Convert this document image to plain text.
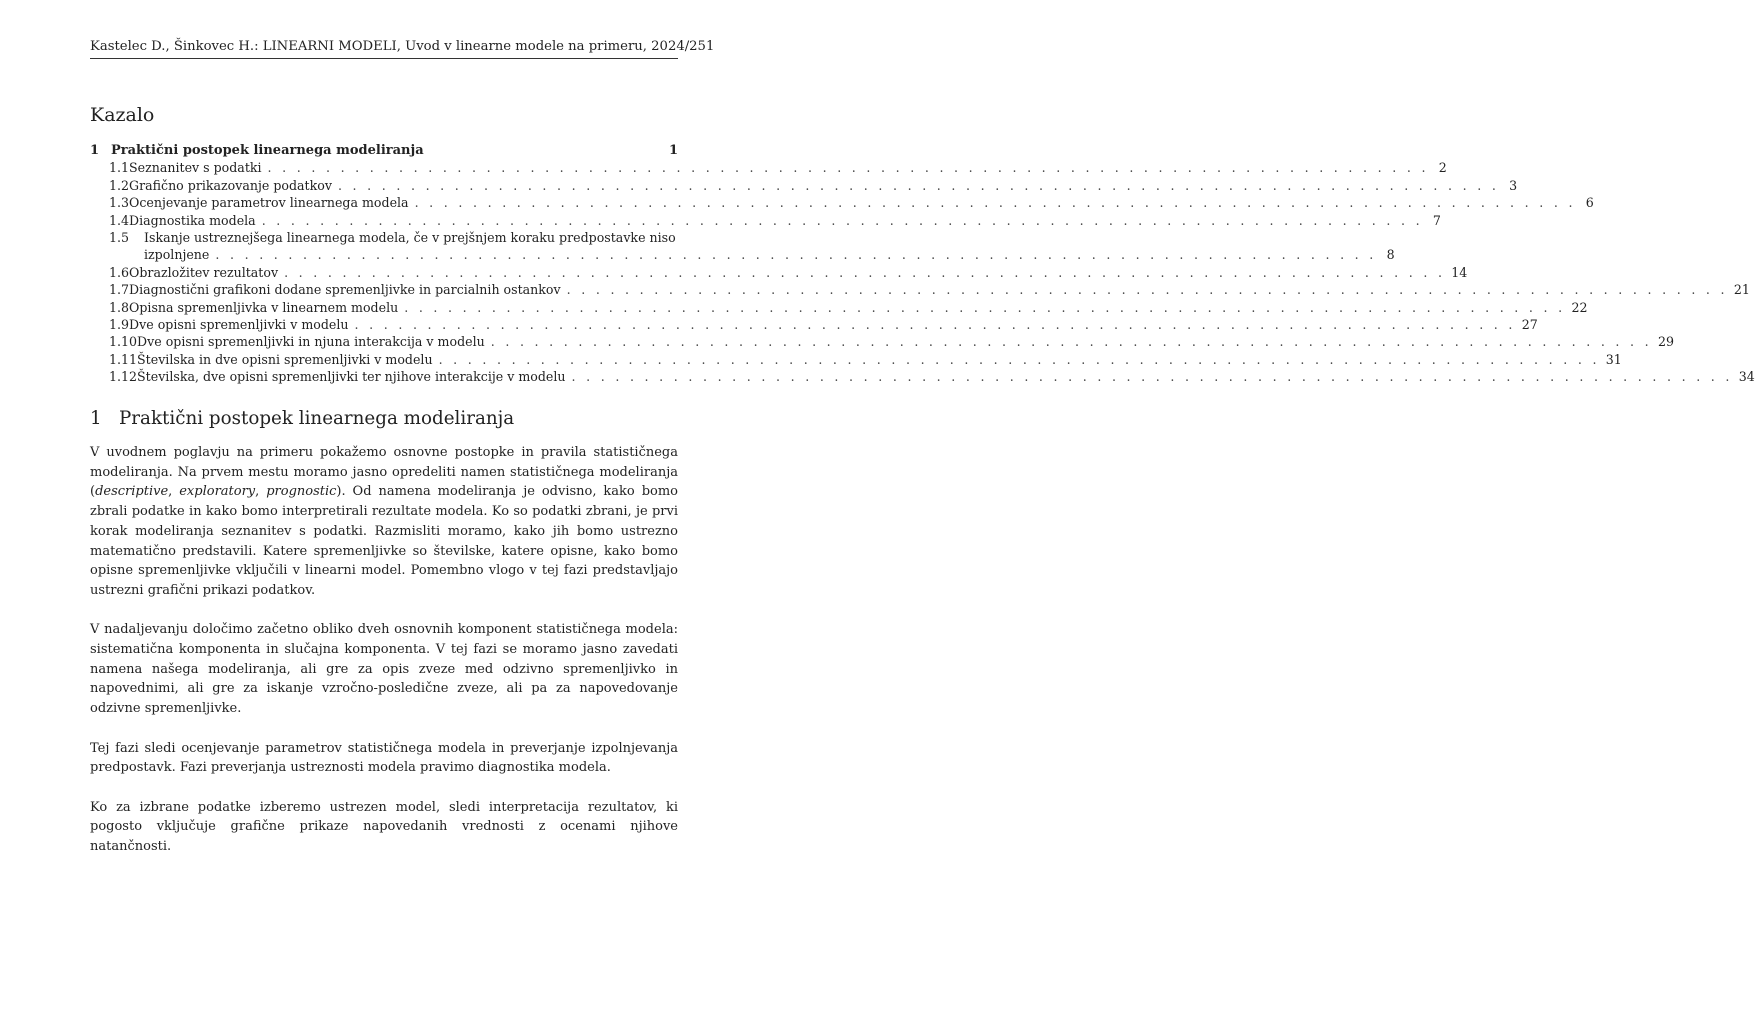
Kastelec D., Šinkovec H.: LINEARNI MODELI, Uvod v linearne modele na primeru, 2024/25 1
Kazalo
1 Praktični postopek linearnega modeliranja	1
1.1 Seznanitev s podatki . . . . . . . . . . . . . . . . . . . . . . . . . . . . . . . . . . . . . . . . . . . . . . . . . . . . . . . . . . . . . . . . . . . . . . . . . . . . . . . . 2
1.2 Grafično prikazovanje podatkov . . . . . . . . . . . . . . . . . . . . . . . . . . . . . . . . . . . . . . . . . . . . . . . . . . . . . . . . . . . . . . . . . . . . . . . . . . . . . . . . 3
1.3 Ocenjevanje parametrov linearnega modela . . . . . . . . . . . . . . . . . . . . . . . . . . . . . . . . . . . . . . . . . . . . . . . . . . . . . . . . . . . . . . . . . . . . . . . . . . . . . . . . 6
1.4 Diagnostika modela . . . . . . . . . . . . . . . . . . . . . . . . . . . . . . . . . . . . . . . . . . . . . . . . . . . . . . . . . . . . . . . . . . . . . . . . . . . . . . . . 7
1.5	Iskanje ustreznejšega linearnega modela, če v prejšnjem koraku predpostavke niso
izpolnjene . . . . . . . . . . . . . . . . . . . . . . . . . . . . . . . . . . . . . . . . . . . . . . . . . . . . . . . . . . . . . . . . . . . . . . . . . . . . . . . . 8
1.6 Obrazložitev rezultatov . . . . . . . . . . . . . . . . . . . . . . . . . . . . . . . . . . . . . . . . . . . . . . . . . . . . . . . . . . . . . . . . . . . . . . . . . . . . . . . . 14
1.7 Diagnostični grafikoni dodane spremenljivke in parcialnih ostankov . . . . . . . . . . . . . . . . . . . . . . . . . . . . . . . . . . . . . . . . . . . . . . . . . . . . . . . . . . . . . . . . . . . . . . . . . . . . . . . . 21
1.8 Opisna spremenljivka v linearnem modelu . . . . . . . . . . . . . . . . . . . . . . . . . . . . . . . . . . . . . . . . . . . . . . . . . . . . . . . . . . . . . . . . . . . . . . . . . . . . . . . . 22
1.9 Dve opisni spremenljivki v modelu . . . . . . . . . . . . . . . . . . . . . . . . . . . . . . . . . . . . . . . . . . . . . . . . . . . . . . . . . . . . . . . . . . . . . . . . . . . . . . . . 27
1.10 Dve opisni spremenljivki in njuna interakcija v modelu . . . . . . . . . . . . . . . . . . . . . . . . . . . . . . . . . . . . . . . . . . . . . . . . . . . . . . . . . . . . . . . . . . . . . . . . . . . . . . . . 29
1.11 Številska in dve opisni spremenljivki v modelu . . . . . . . . . . . . . . . . . . . . . . . . . . . . . . . . . . . . . . . . . . . . . . . . . . . . . . . . . . . . . . . . . . . . . . . . . . . . . . . . 31
1.12 Številska, dve opisni spremenljivki ter njihove interakcije v modelu . . . . . . . . . . . . . . . . . . . . . . . . . . . . . . . . . . . . . . . . . . . . . . . . . . . . . . . . . . . . . . . . . . . . . . . . . . . . . . . . 34
1 Praktični postopek linearnega modeliranja

V uvodnem poglavju na primeru pokažemo osnovne postopke in pravila statističnega modeliranja. Na prvem mestu moramo jasno opredeliti namen statističnega modeliranja (descriptive, exploratory, prognostic). Od namena modeliranja je odvisno, kako bomo zbrali podatke in kako bomo interpretirali rezultate modela. Ko so podatki zbrani, je prvi korak modeliranja seznanitev s podatki. Razmisliti moramo, kako jih bomo ustrezno matematično predstavili. Katere spremenljivke so številske, katere opisne, kako bomo opisne spremenljivke vključili v linearni model. Pomembno vlogo v tej fazi predstavljajo ustrezni grafični prikazi podatkov.

V nadaljevanju določimo začetno obliko dveh osnovnih komponent statističnega modela: sistematična komponenta in slučajna komponenta. V tej fazi se moramo jasno zavedati namena našega modeliranja, ali gre za opis zveze med odzivno spremenljivko in napovednimi, ali gre za iskanje vzročno-posledične zveze, ali pa za napovedovanje odzivne spremenljivke.

Tej fazi sledi ocenjevanje parametrov statističnega modela in preverjanje izpolnjevanja predpostavk. Fazi preverjanja ustreznosti modela pravimo diagnostika modela.

Ko za izbrane podatke izberemo ustrezen model, sledi interpretacija rezultatov, ki pogosto vključuje grafične prikaze napovedanih vrednosti z ocenami njihove natančnosti.
